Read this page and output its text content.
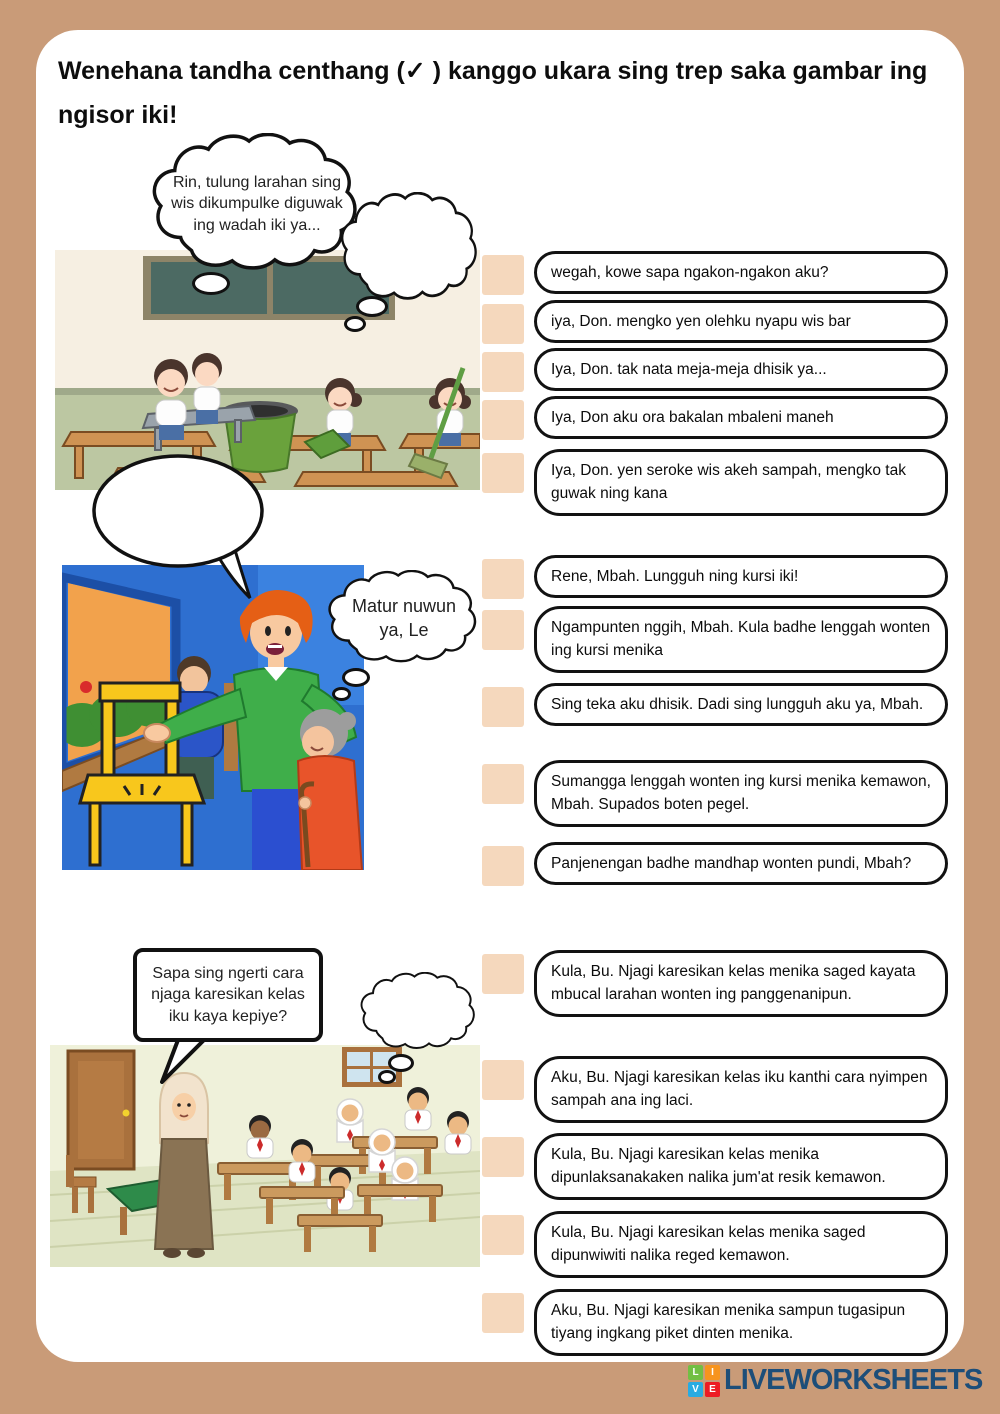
Wenehana tandha centhang (✓ ) kanggo ukara sing trep saka gambar ing ngisor iki!
Rin, tulung larahan sing wis dikumpulke diguwak ing wadah iki ya...
wegah, kowe sapa ngakon-ngakon aku?
iya, Don. mengko yen olehku nyapu wis bar
Iya, Don. tak nata meja-meja dhisik ya...
Iya, Don aku ora bakalan mbaleni maneh
Iya, Don. yen seroke wis akeh sampah, mengko tak guwak ning kana
Matur nuwun ya, Le
Rene, Mbah. Lungguh ning kursi iki!
Ngampunten nggih, Mbah. Kula badhe lenggah wonten ing kursi menika
Sing teka aku dhisik. Dadi sing lungguh aku ya, Mbah.
Sumangga lenggah wonten ing kursi menika kemawon, Mbah. Supados boten pegel.
Panjenengan badhe mandhap wonten pundi, Mbah?
Sapa sing ngerti cara njaga karesikan kelas iku kaya kepiye?
Kula, Bu. Njagi karesikan kelas menika saged kayata mbucal larahan wonten ing panggenanipun.
Aku, Bu. Njagi karesikan kelas iku kanthi cara nyimpen sampah ana ing laci.
Kula, Bu. Njagi karesikan kelas menika dipunlaksanakaken nalika jum'at resik kemawon.
Kula, Bu. Njagi karesikan kelas menika saged dipunwiwiti nalika reged kemawon.
Aku, Bu. Njagi karesikan menika sampun tugasipun tiyang ingkang piket dinten menika.
L	I
V	E LIVEWORKSHEETS
